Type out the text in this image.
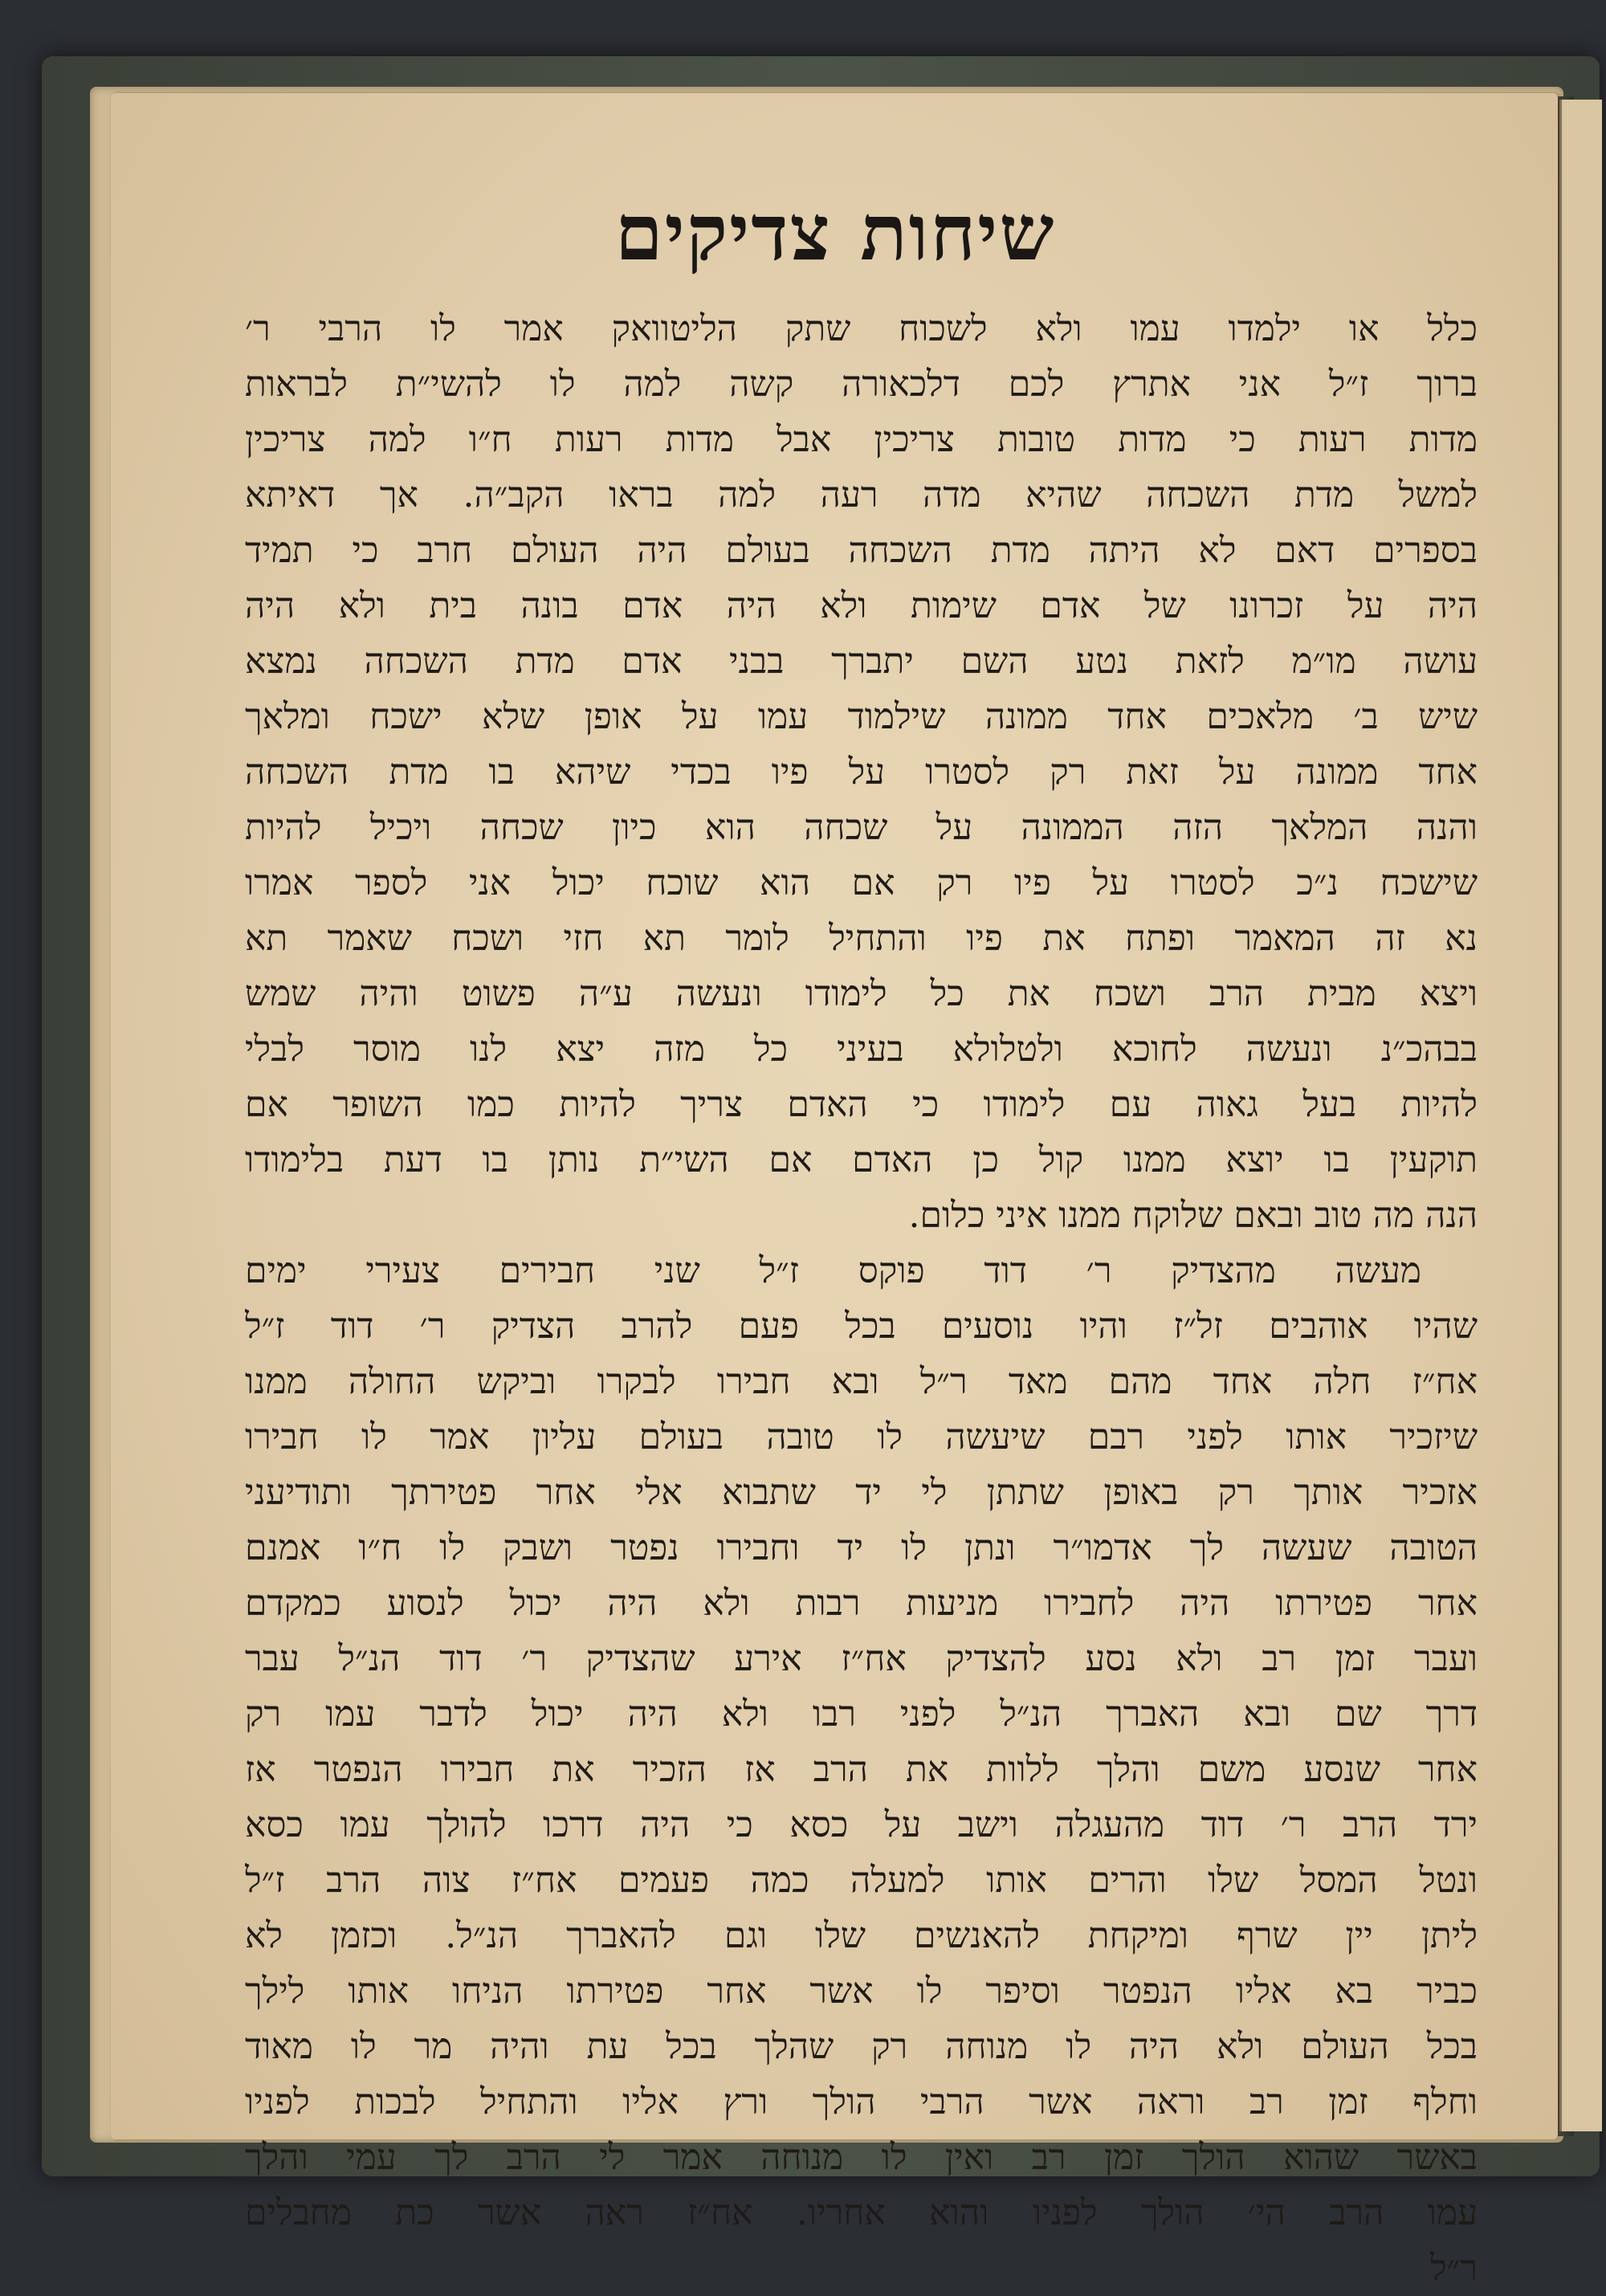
שיחות צדיקים
כלל או ילמדו עמו ולא לשכוח שתק הליטוואק אמר לו הרבי ר׳
ברוך ז״ל אני אתרץ לכם דלכאורה קשה למה לו להשי״ת לבראות
מדות רעות כי מדות טובות צריכין אבל מדות רעות ח״ו למה צריכין
למשל מדת השכחה שהיא מדה רעה למה בראו הקב״ה. אך דאיתא
בספרים דאם לא היתה מדת השכחה בעולם היה העולם חרב כי תמיד
היה על זכרונו של אדם שימות ולא היה אדם בונה בית ולא היה
עושה מו״מ לזאת נטע השם יתברך בבני אדם מדת השכחה נמצא
שיש ב׳ מלאכים אחד ממונה שילמוד עמו על אופן שלא ישכח ומלאך
אחד ממונה על זאת רק לסטרו על פיו בכדי שיהא בו מדת השכחה
והנה המלאך הזה הממונה על שכחה הוא כיון שכחה ויכיל להיות
שישכח נ״כ לסטרו על פיו רק אם הוא שוכח יכול אני לספר אמרו
נא זה המאמר ופתח את פיו והתחיל לומר תא חזי ושכח שאמר תא
ויצא מבית הרב ושכח את כל לימודו ונעשה ע״ה פשוט והיה שמש
בבהכ״נ ונעשה לחוכא ולטלולא בעיני כל מזה יצא לנו מוסר לבלי
להיות בעל גאוה עם לימודו כי האדם צריך להיות כמו השופר אם
תוקעין בו יוצא ממנו קול כן האדם אם השי״ת נותן בו דעת בלימודו
הנה מה טוב ובאם שלוקח ממנו איני כלום.
מעשה מהצדיק ר׳ דוד פוקס ז״ל שני חבירים צעירי ימים
שהיו אוהבים זל״ז והיו נוסעים בכל פעם להרב הצדיק ר׳ דוד ז״ל
אח״ז חלה אחד מהם מאד ר״ל ובא חבירו לבקרו וביקש החולה ממנו
שיזכיר אותו לפני רבם שיעשה לו טובה בעולם עליון אמר לו חבירו
אזכיר אותך רק באופן שתתן לי יד שתבוא אלי אחר פטירתך ותודיעני
הטובה שעשה לך אדמו״ר ונתן לו יד וחבירו נפטר ושבק לו ח״ו אמנם
אחר פטירתו היה לחבירו מניעות רבות ולא היה יכול לנסוע כמקדם
ועבר זמן רב ולא נסע להצדיק אח״ז אירע שהצדיק ר׳ דוד הנ״ל עבר
דרך שם ובא האברך הנ״ל לפני רבו ולא היה יכול לדבר עמו רק
אחר שנסע משם והלך ללוות את הרב אז הזכיר את חבירו הנפטר אז
ירד הרב ר׳ דוד מהעגלה וישב על כסא כי היה דרכו להולך עמו כסא
ונטל המסל שלו והרים אותו למעלה כמה פעמים אח״ז צוה הרב ז״ל
ליתן יין שרף ומיקחת להאנשים שלו וגם להאברך הנ״ל. וכזמן לא
כביר בא אליו הנפטר וסיפר לו אשר אחר פטירתו הניחו אותו לילך
בכל העולם ולא היה לו מנוחה רק שהלך בכל עת והיה מר לו מאוד
וחלף זמן רב וראה אשר הרבי הולך ורץ אליו והתחיל לבכות לפניו
באשר שהוא הולך זמן רב ואין לו מנוחה אמר לי הרב לך עמי והלך
עמו הרב הי׳ הולך לפניו והוא אחריו. אח״ז ראה אשר כת מחבלים
ר״ל
